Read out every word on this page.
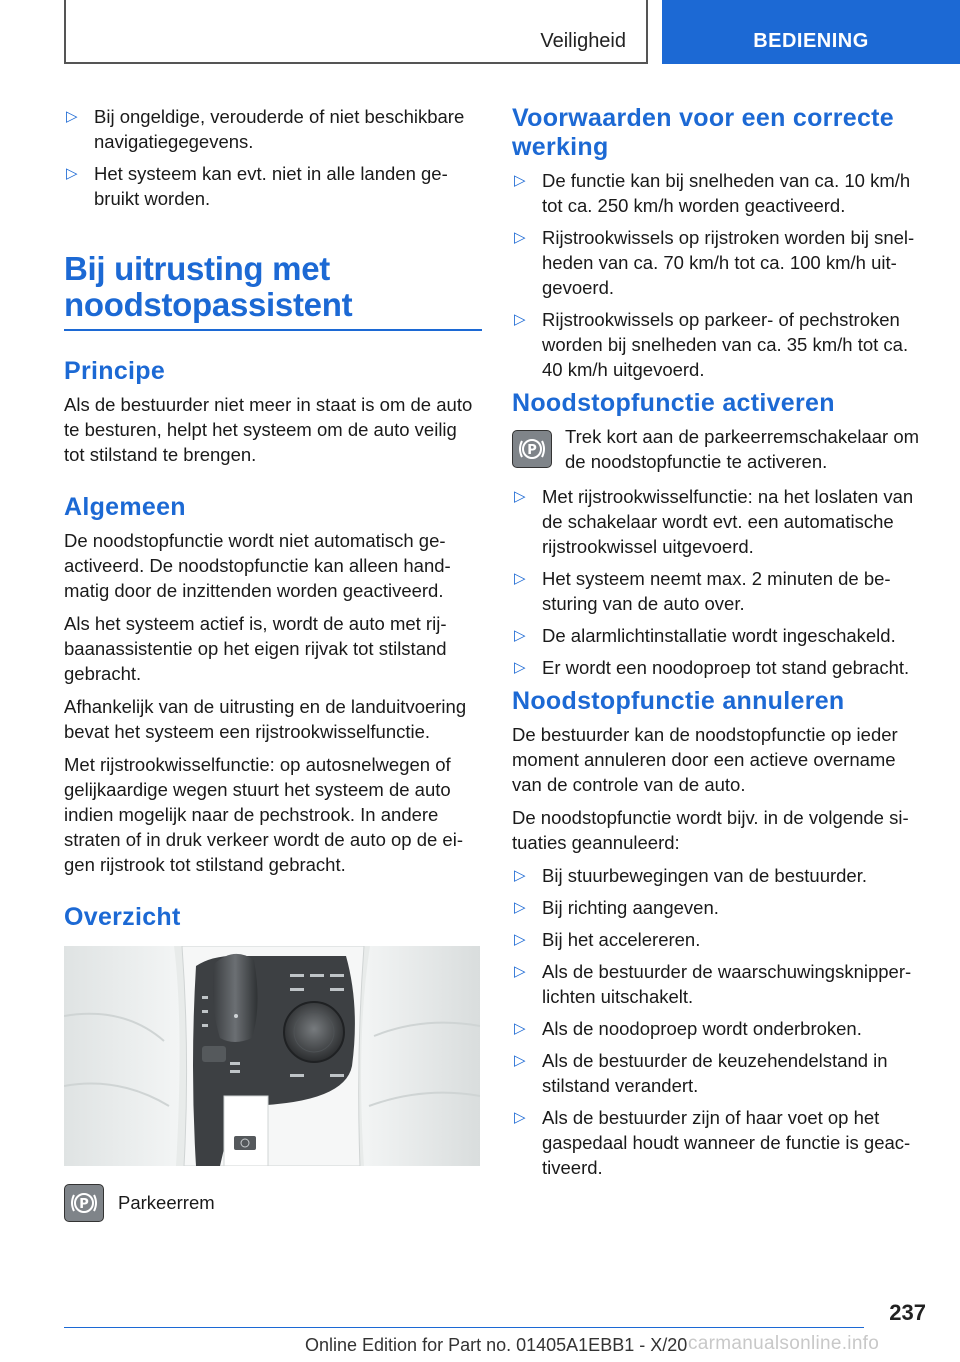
Veiligheid	BEDIENING
▷ Bij ongeldige, verouderde of niet beschikbare navigatiegegevens.
▷ Het systeem kan evt. niet in alle landen gebruikt worden.
Bij uitrusting met noodstopassistent
Principe

Als de bestuurder niet meer in staat is om de auto te besturen, helpt het systeem om de auto veilig tot stilstand te brengen.

Algemeen

De noodstopfunctie wordt niet automatisch geactiveerd. De noodstopfunctie kan alleen handmatig door de inzittenden worden geactiveerd.

Als het systeem actief is, wordt de auto met rijbaanassistentie op het eigen rijvak tot stilstand gebracht.

Afhankelijk van de uitrusting en de landuitvoering bevat het systeem een rijstrookwisselfunctie.

Met rijstrookwisselfunctie: op autosnelwegen of gelijkaardige wegen stuurt het systeem de auto indien mogelijk naar de pechstrook. In andere straten of in druk verkeer wordt de auto op de eigen rijstrook tot stilstand gebracht.

Overzicht
P Parkeerrem
Voorwaarden voor een correcte werking
▷ De functie kan bij snelheden van ca. 10 km/h tot ca. 250 km/h worden geactiveerd.
▷ Rijstrookwissels op rijstroken worden bij snelheden van ca. 70 km/h tot ca. 100 km/h uitgevoerd.
▷ Rijstrookwissels op parkeer- of pechstroken worden bij snelheden van ca. 35 km/h tot ca. 40 km/h uitgevoerd.
Noodstopfunctie activeren
P

Trek kort aan de parkeerremschakelaar om de noodstopfunctie te activeren.

▷ Met rijstrookwisselfunctie: na het loslaten van de schakelaar wordt evt. een automatische rijstrookwissel uitgevoerd.
▷ Het systeem neemt max. 2 minuten de besturing van de auto over.
▷ De alarmlichtinstallatie wordt ingeschakeld.
▷ Er wordt een noodoproep tot stand gebracht.
Noodstopfunctie annuleren

De bestuurder kan de noodstopfunctie op ieder moment annuleren door een actieve overname van de controle van de auto.

De noodstopfunctie wordt bijv. in de volgende situaties geannuleerd:

▷ Bij stuurbewegingen van de bestuurder.
▷ Bij richting aangeven.
▷ Bij het accelereren.
▷ Als de bestuurder de waarschuwingsknipperlichten uitschakelt.
▷ Als de noodoproep wordt onderbroken.
▷ Als de bestuurder de keuzehendelstand in stilstand verandert.
▷ Als de bestuurder zijn of haar voet op het gaspedaal houdt wanneer de functie is geactiveerd.
237
Online Edition for Part no. 01405A1EBB1 - X/20 carmanualsonline.info
